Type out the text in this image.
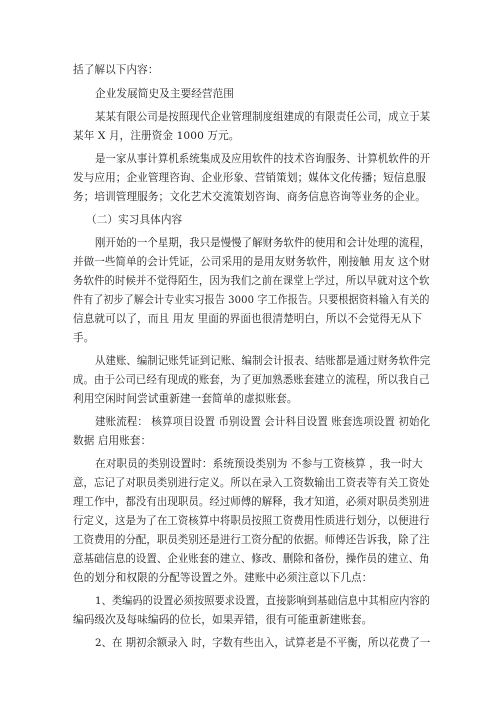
括了解以下内容：
企业发展简史及主要经营范围
某某有限公司是按照现代企业管理制度组建成的有限责任公司，成立于某
某年 X 月，注册资金 1000 万元。
是一家从事计算机系统集成及应用软件的技术咨询服务、计算机软件的开
发与应用；企业管理咨询、企业形象、营销策划；媒体文化传播；短信息服
务；培训管理服务；文化艺术交流策划咨询、商务信息咨询等业务的企业。
（二）实习具体内容
刚开始的一个星期，我只是慢慢了解财务软件的使用和会计处理的流程，
并做一些简单的会计凭证，公司采用的是用友财务软件，刚接触 用友 这个财
务软件的时候并不觉得陌生，因为我们之前在课堂上学过，所以早就对这个软
件有了初步了解会计专业实习报告 3000 字工作报告。只要根据资料输入有关的
信息就可以了，而且 用友 里面的界面也很清楚明白，所以不会觉得无从下
手。
从建账、编制记账凭证到记账、编制会计报表、结账都是通过财务软件完
成。由于公司已经有现成的账套，为了更加熟悉账套建立的流程，所以我自己
利用空闲时间尝试重新建一套简单的虚拟账套。
建账流程： 核算项目设置 币别设置 会计科目设置 账套选项设置 初始化
数据 启用账套：
在对职员的类别设置时：系统预设类别为 不参与工资核算 ，我一时大
意，忘记了对职员类别进行定义。所以在录入工资数输出工资表等有关工资处
理工作中，都没有出现职员。经过师傅的解释，我才知道，必须对职员类别进
行定义，这是为了在工资核算中将职员按照工资费用性质进行划分，以便进行
工资费用的分配，职员类别还是进行工资分配的依据。师傅还告诉我，除了注
意基础信息的设置、企业账套的建立、修改、删除和备份，操作员的建立、角
色的划分和权限的分配等设置之外。建账中必须注意以下几点：
1、类编码的设置必须按照要求设置，直接影响到基础信息中其相应内容的
编码级次及每味编码的位长，如果弄错，很有可能重新建账套。
2、在 期初余额录入 时，字数有些出入，试算老是不平衡，所以花费了一
